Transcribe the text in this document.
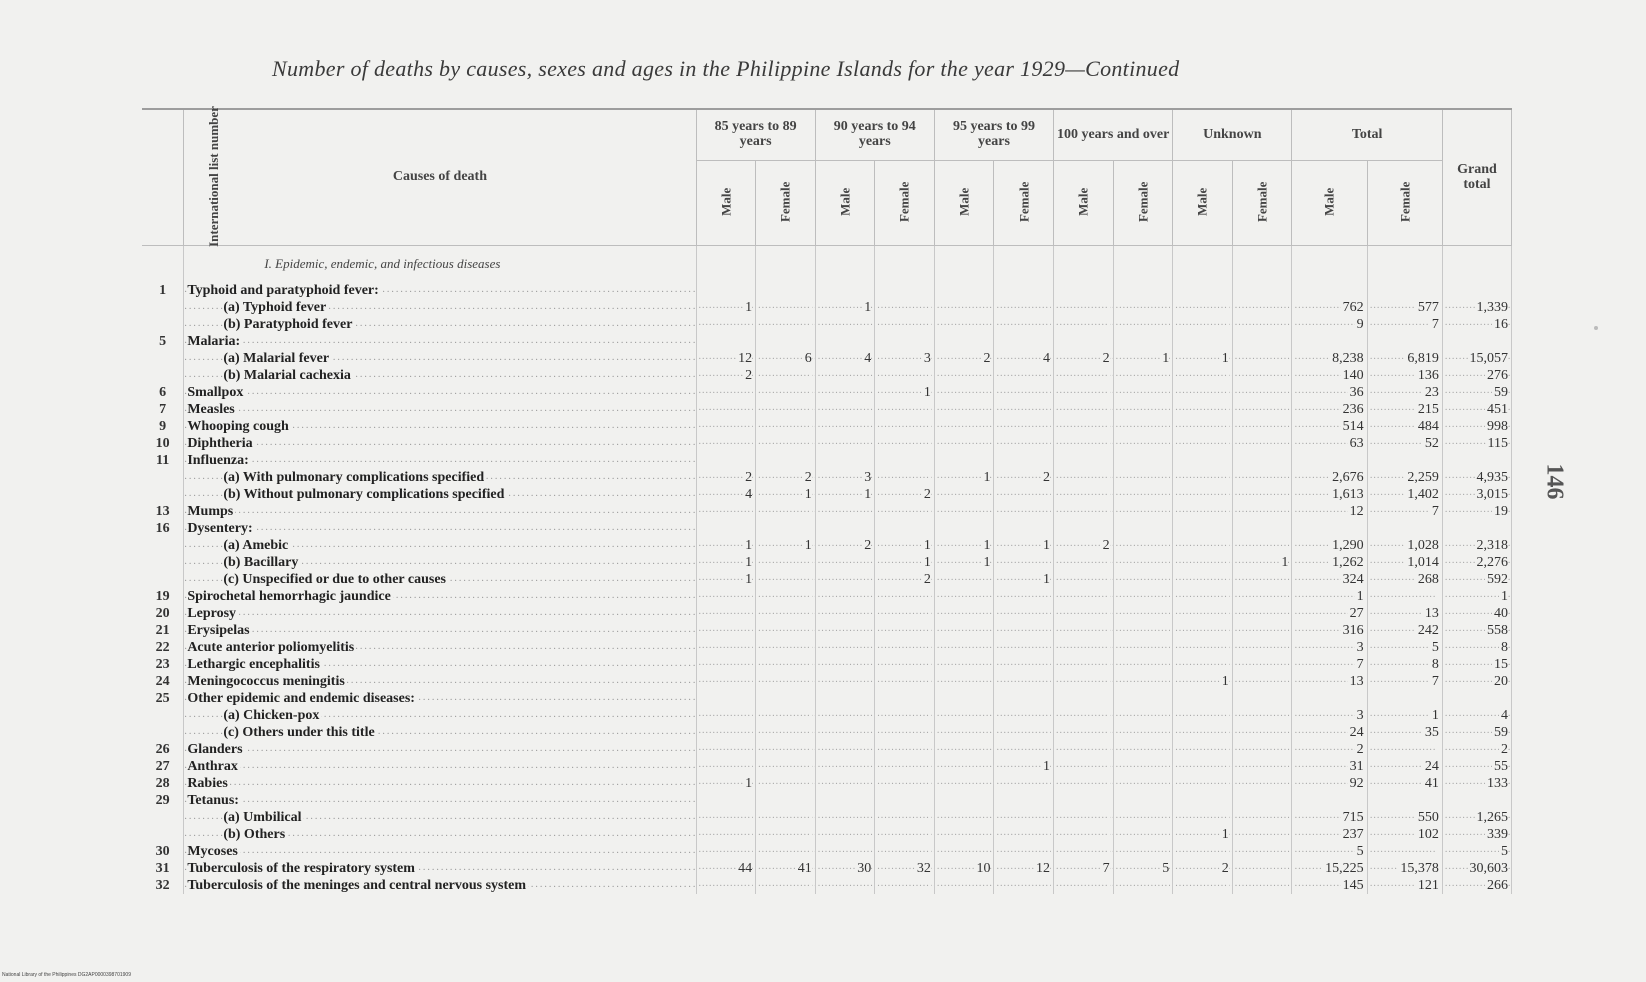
Number of deaths by causes, sexes and ages in the Philippine Islands for the year 1929—Continued
146
International list number	Causes of death	85 years to 89 years		90 years to 94 years		95 years to 99 years		100 years and over		Unknown		Total		Grand total
		Male	Female	Male	Female	Male	Female	Male	Female	Male	Female	Male	Female	
	I. Epidemic, endemic, and infectious diseases													
1	Typhoid and paratyphoid fever: .....													
	(a) Typhoid fever .....	1 .....	.....	1 .....	.....	.....	.....	.....	.....	.....	.....	762 .....	577 .....	1,339 .....
	(b) Paratyphoid fever .....	.....	.....	.....	.....	.....	.....	.....	.....	.....	.....	9 .....	7 .....	16 .....
5	Malaria: .....													
	(a) Malarial fever .....	12 .....	6 .....	4 .....	3 .....	2 .....	4 .....	2 .....	1 .....	1 .....	.....	8,238 .....	6,819 .....	15,057 .....
	(b) Malarial cachexia .....	2 .....	.....	.....	.....	.....	.....	.....	.....	.....	.....	140 .....	136 .....	276 .....
6	Smallpox .....	.....	.....	.....	1 .....	.....	.....	.....	.....	.....	.....	36 .....	23 .....	59 .....
7	Measles .....	.....	.....	.....	.....	.....	.....	.....	.....	.....	.....	236 .....	215 .....	451 .....
9	Whooping cough .....	.....	.....	.....	.....	.....	.....	.....	.....	.....	.....	514 .....	484 .....	998 .....
10	Diphtheria .....	.....	.....	.....	.....	.....	.....	.....	.....	.....	.....	63 .....	52 .....	115 .....
11	Influenza: .....													
	(a) With pulmonary complications specified .....	2 .....	2 .....	3 .....	.....	1 .....	2 .....	.....	.....	.....	.....	2,676 .....	2,259 .....	4,935 .....
	(b) Without pulmonary complications specified .....	4 .....	1 .....	1 .....	2 .....	.....	.....	.....	.....	.....	.....	1,613 .....	1,402 .....	3,015 .....
13	Mumps .....	.....	.....	.....	.....	.....	.....	.....	.....	.....	.....	12 .....	7 .....	19 .....
16	Dysentery: .....													
	(a) Amebic .....	1 .....	1 .....	2 .....	1 .....	1 .....	1 .....	2 .....	.....	.....	.....	1,290 .....	1,028 .....	2,318 .....
	(b) Bacillary .....	1 .....	.....	.....	1 .....	1 .....	.....	.....	.....	.....	1 .....	1,262 .....	1,014 .....	2,276 .....
	(c) Unspecified or due to other causes .....	1 .....	.....	.....	2 .....	.....	1 .....	.....	.....	.....	.....	324 .....	268 .....	592 .....
19	Spirochetal hemorrhagic jaundice .....	.....	.....	.....	.....	.....	.....	.....	.....	.....	.....	1 .....	.....	1 .....
20	Leprosy .....	.....	.....	.....	.....	.....	.....	.....	.....	.....	.....	27 .....	13 .....	40 .....
21	Erysipelas .....	.....	.....	.....	.....	.....	.....	.....	.....	.....	.....	316 .....	242 .....	558 .....
22	Acute anterior poliomyelitis .....	.....	.....	.....	.....	.....	.....	.....	.....	.....	.....	3 .....	5 .....	8 .....
23	Lethargic encephalitis .....	.....	.....	.....	.....	.....	.....	.....	.....	.....	.....	7 .....	8 .....	15 .....
24	Meningococcus meningitis .....	.....	.....	.....	.....	.....	.....	.....	.....	1 .....	.....	13 .....	7 .....	20 .....
25	Other epidemic and endemic diseases: .....													
	(a) Chicken-pox .....	.....	.....	.....	.....	.....	.....	.....	.....	.....	.....	3 .....	1 .....	4 .....
	(c) Others under this title .....	.....	.....	.....	.....	.....	.....	.....	.....	.....	.....	24 .....	35 .....	59 .....
26	Glanders .....	.....	.....	.....	.....	.....	.....	.....	.....	.....	.....	2 .....	.....	2 .....
27	Anthrax .....	.....	.....	.....	.....	.....	1 .....	.....	.....	.....	.....	31 .....	24 .....	55 .....
28	Rabies .....	1 .....	.....	.....	.....	.....	.....	.....	.....	.....	.....	92 .....	41 .....	133 .....
29	Tetanus: .....													
	(a) Umbilical .....	.....	.....	.....	.....	.....	.....	.....	.....	.....	.....	715 .....	550 .....	1,265 .....
	(b) Others .....	.....	.....	.....	.....	.....	.....	.....	.....	1 .....	.....	237 .....	102 .....	339 .....
30	Mycoses .....	.....	.....	.....	.....	.....	.....	.....	.....	.....	.....	5 .....	.....	5 .....
31	Tuberculosis of the respiratory system .....	44 .....	41 .....	30 .....	32 .....	10 .....	12 .....	7 .....	5 .....	2 .....	.....	15,225 .....	15,378 .....	30,603 .....
32	Tuberculosis of the meninges and central nervous system .....	.....	.....	.....	.....	.....	.....	.....	.....	.....	.....	145 .....	121 .....	266 .....
National Library of the Philippines DG2AP0000398701909
